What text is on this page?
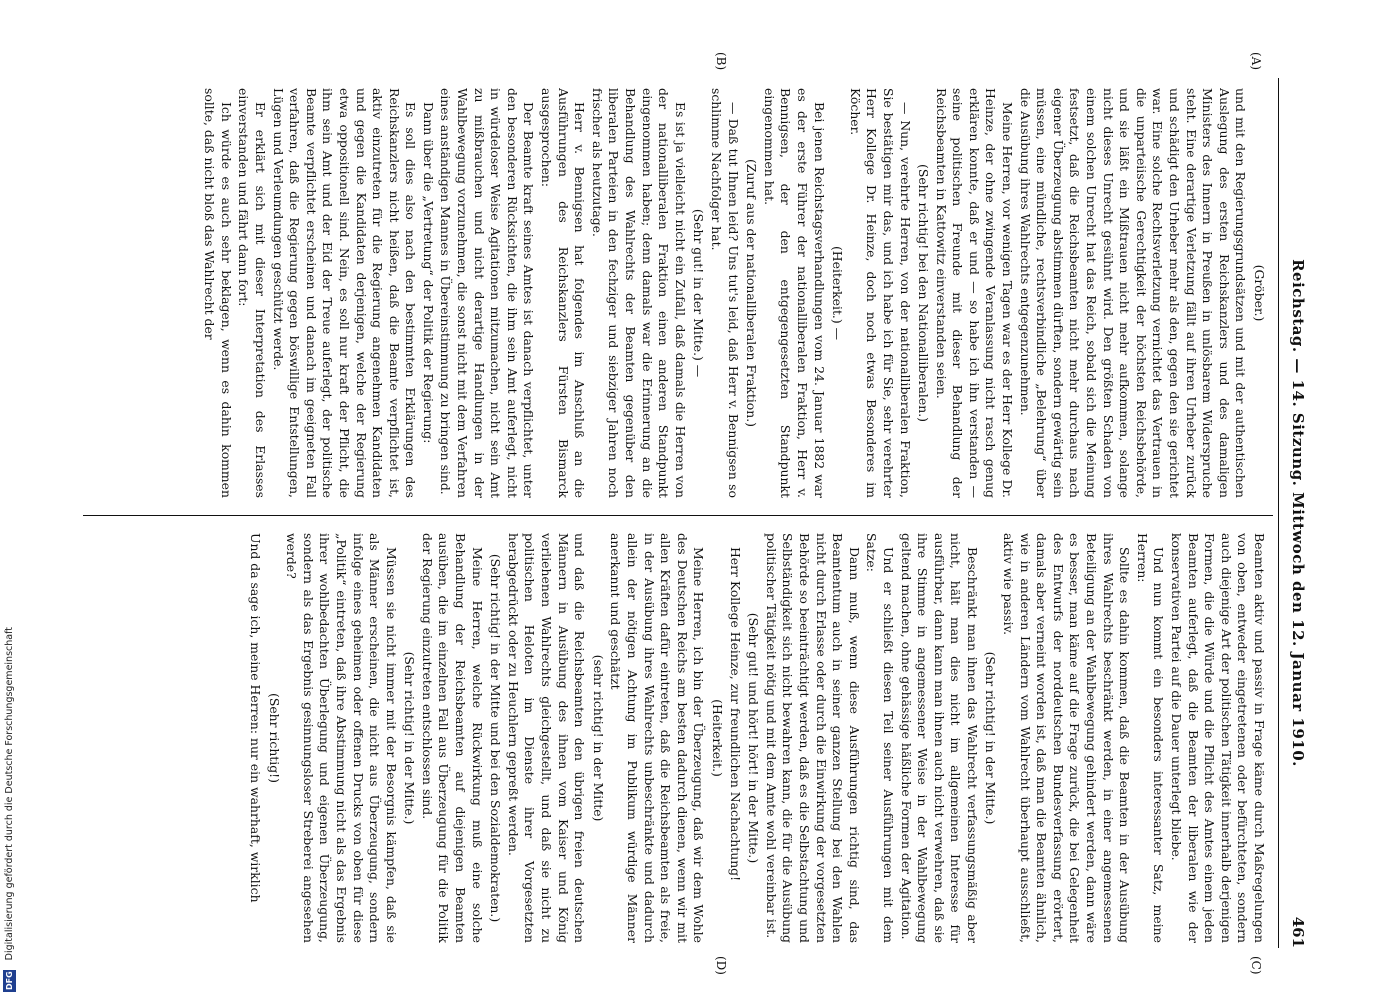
Digitalisierung gefördert durch die Deutsche Forschungsgemeinschaft
DFG
Reichstag. — 14. Sitzung. Mittwoch den 12. Januar 1910.
461
(A)
(B)
(C)
(D)

(Gröber.)

und mit den Regierungsgrundsätzen und mit der authentischen Auslegung des ersten Reichskanzlers und des damaligen Ministers des Innern in Preußen in unlösbarem Widerspruche steht. Eine derartige Verletzung fällt auf ihren Urheber zurück und schädigt den Urheber mehr als den, gegen den sie gerichtet war. Eine solche Rechtsverletzung vernichtet das Vertrauen in die unparteiische Gerechtigkeit der höchsten Reichsbehörde, und sie läßt ein Mißtrauen nicht mehr aufkommen, solange nicht dieses Unrecht gesühnt wird. Den größten Schaden von einem solchen Unrecht hat das Reich, sobald sich die Meinung festsetzt, daß die Reichsbeamten nicht mehr durchaus nach eigener Überzeugung abstimmen dürften, sondern gewärtig sein müssen, eine mündliche, rechtsverbindliche „Belehrung“ über die Ausübung ihres Wahlrechts entgegenzunehmen.

Meine Herren, vor wenigen Tagen war es der Herr Kollege Dr. Heinze, der ohne zwingende Veranlassung nicht rasch genug erklären konnte, daß er und — so habe ich ihn verstanden — seine politischen Freunde mit dieser Behandlung der Reichsbeamten in Kattowitz einverstanden seien.

(Sehr richtig! bei den Nationalliberalen.)

— Nun, verehrte Herren, von der nationalliberalen Fraktion, Sie bestätigen mir das, und ich habe ich für Sie, sehr verehrter Herr Kollege Dr. Heinze, doch noch etwas Besonderes im Köcher.

(Heiterkeit.) —

Bei jenen Reichstagsverhandlungen vom 24. Januar 1882 war es der erste Führer der nationalliberalen Fraktion, Herr v. Bennigsen, der den entgegengesetzten Standpunkt eingenommen hat.

(Zuruf aus der nationalliberalen Fraktion.)

— Daß tut Ihnen leid? Uns tut's leid, daß Herr v. Bennigsen so schlimme Nachfolger hat.

(Sehr gut! in der Mitte.) —

Es ist ja vielleicht nicht ein Zufall, daß damals die Herren von der nationalliberalen Fraktion einen anderen Standpunkt eingenommen haben; denn damals war die Erinnerung an die Behandlung des Wahlrechts der Beamten gegenüber den liberalen Parteien in den fechziger und siebziger Jahren noch frischer als heutzutage.

Herr v. Bennigsen hat folgendes im Anschluß an die Ausführungen des Reichskanzlers Fürsten Bismarck ausgesprochen:

Der Beamte kraft seines Amtes ist danach verpflichtet, unter den besonderen Rücksichten, die ihm sein Amt auferlegt, nicht in würdeloser Weise Agitationen mitzumachen, nicht sein Amt zu mißbrauchen und nicht derartige Handlungen in der Wahlbewegung vorzunehmen, die sonst nicht mit dem Verfahren eines anständigen Mannes in Übereinstimmung zu bringen sind.

Dann über die „Vertretung“ der Politik der Regierung:

Es soll dies also nach den bestimmten Erklärungen des Reichskanzlers nicht heißen, daß die Beamte verpflichtet ist, aktiv einzutreten für die Regierung angenehmen Kandidaten und gegen die Kandidaten derjenigen, welche der Regierung etwa oppositionell sind. Nein, es soll nur kraft der Pflicht, die ihm sein Amt und der Eid der Treue auferlegt, der politische Beamte verpflichtet erscheinen und danach im geeigneten Fall verfahren, daß die Regierung gegen böswillige Entstellungen, Lügen und Verleumdungen geschützt werde.

Er erklärt sich mit dieser Interpretation des Erlasses einverstanden und fährt dann fort:

Ich würde es auch sehr beklagen, wenn es dahin kommen sollte, daß nicht bloß das Wahlrecht der

Beamten aktiv und passiv in Frage käme durch Maßregelungen von oben, entweder eingetretenen oder befürchteten, sondern auch diejenige Art der politischen Tätigkeit innerhalb derjenigen Formen, die die Würde und die Pflicht des Amtes einem jeden Beamten auferlegt, daß die Beamten der liberalen wie der konservativen Partei auf die Dauer unterlegt bliebe.

Und nun kommt ein besonders interessanter Satz, meine Herren:

Sollte es dahin kommen, daß die Beamten in der Ausübung ihres Wahlrechts beschränkt werden, in einer angemessenen Beteiligung an der Wahlbewegung gehindert werden, dann wäre es besser, man käme auf die Frage zurück, die bei Gelegenheit des Entwurfs der norddeutschen Bundesverfassung erörtert, damals aber verneint worden ist, daß man die Beamten ähnlich, wie in anderen Ländern vom Wahlrecht überhaupt ausschließt, aktiv wie passiv.

(Sehr richtig! in der Mitte.)

Beschränkt man ihnen das Wahlrecht verfassungsmäßig aber nicht, hält man dies nicht im allgemeinen Interesse für ausführbar, dann kann man ihnen auch nicht verwehren, daß sie ihre Stimme in angemessener Weise in der Wahlbewegung geltend machen, ohne gehässige häßliche Formen der Agitation.

Und er schließt diesen Teil seiner Ausführungen mit dem Satze:

Dann muß, wenn diese Ausführungen richtig sind, das Beamtentum auch in seiner ganzen Stellung bei den Wahlen nicht durch Erlasse oder durch die Einwirkung der vorgesetzten Behörde so beeinträchtigt werden, daß es die Selbstachtung und Selbständigkeit sich nicht bewahren kann, die für die Ausübung politischer Tätigkeit nötig und mit dem Amte wohl vereinbar ist.

(Sehr gut! und hört! hört! in der Mitte.)

Herr Kollege Heinze, zur freundlichen Nachachtung!

(Heiterkeit.)

Meine Herren, ich bin der Überzeugung, daß wir dem Wohle des Deutschen Reichs am besten dadurch dienen, wenn wir mit allen Kräften dafür eintreten, daß die Reichsbeamten als freie, in der Ausübung ihres Wahlrechts unbeschränkte und dadurch allein der nötigen Achtung im Publikum würdige Männer anerkannt und geschätzt

(sehr richtig! in der Mitte)

und daß die Reichsbeamten den übrigen freien deutschen Männern in Ausübung des ihnen vom Kaiser und König verliehenen Wahlrechts gleichgestellt, und daß sie nicht zu politischen Heloten im Dienste ihrer Vorgesetzten herabgedrückt oder zu Heuchlern gepreßt werden.

(Sehr richtig! in der Mitte und bei den Sozialdemokraten.)

Meine Herren, welche Rückwirkung muß eine solche Behandlung der Reichsbeamten auf diejenigen Beamten ausüben, die im einzelnen Fall aus Überzeugung für die Politik der Regierung einzutreten entschlossen sind.

(Sehr richtig! in der Mitte.)

Müssen sie nicht immer mit der Besorgnis kämpfen, daß sie als Männer erscheinen, die nicht aus Überzeugung, sondern infolge eines geheimen oder offenen Drucks von oben für diese „Politik“ eintreten, daß ihre Abstimmung nicht als das Ergebnis ihrer wohlbedachten Überlegung und eigenen Überzeugung, sondern als das Ergebnis gesinnungsloser Streberei angesehen werde?

(Sehr richtig!)

Und da sage ich, meine Herren: nur ein wahrhaft, wirklich
